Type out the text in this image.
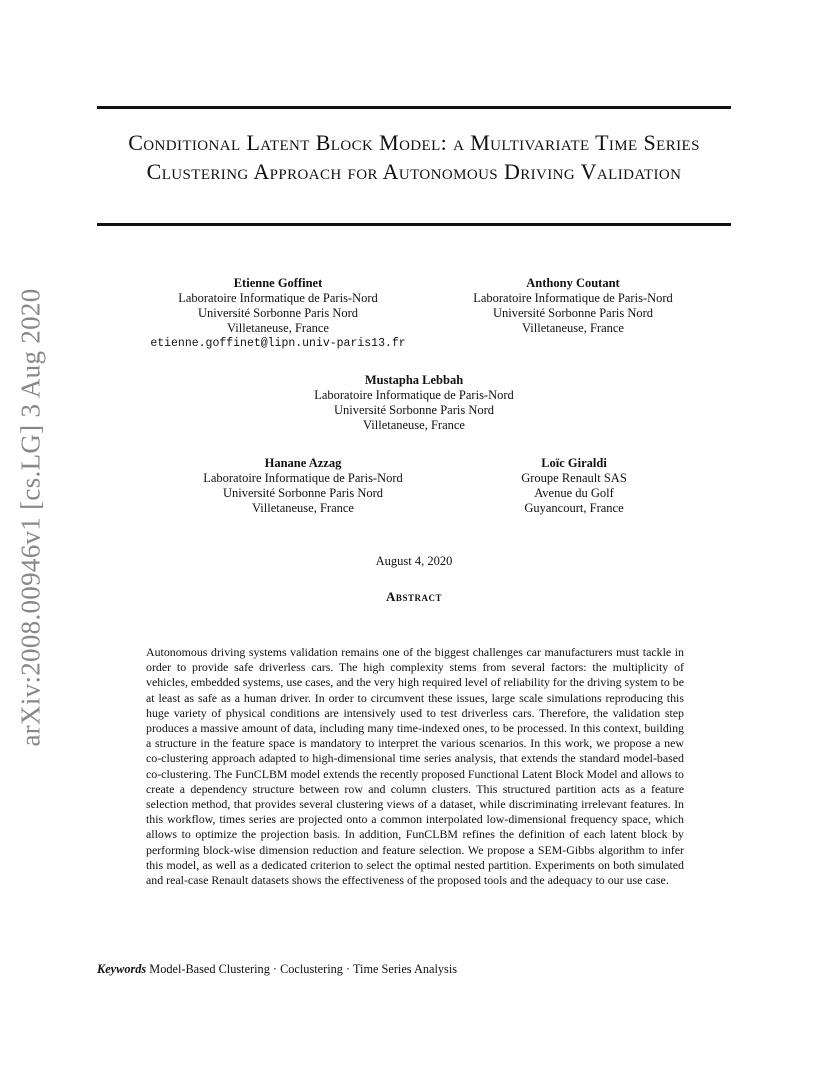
arXiv:2008.00946v1 [cs.LG] 3 Aug 2020
Conditional Latent Block Model: a Multivariate Time Series Clustering Approach for Autonomous Driving Validation
Etienne Goffinet
Laboratoire Informatique de Paris-Nord
Université Sorbonne Paris Nord
Villetaneuse, France
etienne.goffinet@lipn.univ-paris13.fr
Anthony Coutant
Laboratoire Informatique de Paris-Nord
Université Sorbonne Paris Nord
Villetaneuse, France
Mustapha Lebbah
Laboratoire Informatique de Paris-Nord
Université Sorbonne Paris Nord
Villetaneuse, France
Hanane Azzag
Laboratoire Informatique de Paris-Nord
Université Sorbonne Paris Nord
Villetaneuse, France
Loïc Giraldi
Groupe Renault SAS
Avenue du Golf
Guyancourt, France
August 4, 2020
Abstract

Autonomous driving systems validation remains one of the biggest challenges car manufacturers must tackle in order to provide safe driverless cars. The high complexity stems from several factors: the multiplicity of vehicles, embedded systems, use cases, and the very high required level of reliability for the driving system to be at least as safe as a human driver. In order to circumvent these issues, large scale simulations reproducing this huge variety of physical conditions are intensively used to test driverless cars. Therefore, the validation step produces a massive amount of data, including many time-indexed ones, to be processed. In this context, building a structure in the feature space is mandatory to interpret the various scenarios. In this work, we propose a new co-clustering approach adapted to high-dimensional time series analysis, that extends the standard model-based co-clustering. The FunCLBM model extends the recently proposed Functional Latent Block Model and allows to create a dependency structure between row and column clusters. This structured partition acts as a feature selection method, that provides several clustering views of a dataset, while discriminating irrelevant features. In this workflow, times series are projected onto a common interpolated low-dimensional frequency space, which allows to optimize the projection basis. In addition, FunCLBM refines the definition of each latent block by performing block-wise dimension reduction and feature selection. We propose a SEM-Gibbs algorithm to infer this model, as well as a dedicated criterion to select the optimal nested partition. Experiments on both simulated and real-case Renault datasets shows the effectiveness of the proposed tools and the adequacy to our use case.

Keywords Model-Based Clustering · Coclustering · Time Series Analysis
